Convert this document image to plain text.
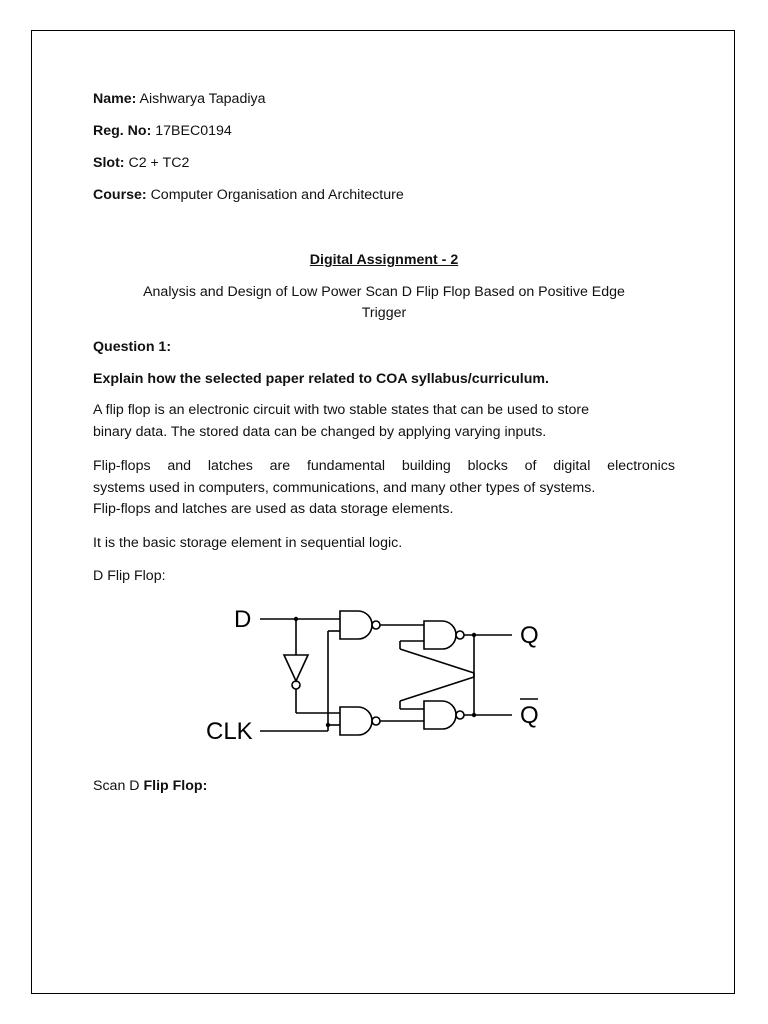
Name: Aishwarya Tapadiya
Reg. No: 17BEC0194
Slot: C2 + TC2
Course: Computer Organisation and Architecture
Digital Assignment - 2
Analysis and Design of Low Power Scan D Flip Flop Based on Positive Edge
Trigger
Question 1:
Explain how the selected paper related to COA syllabus/curriculum.
A flip flop is an electronic circuit with two stable states that can be used to store
binary data. The stored data can be changed by applying varying inputs.
Flip-flops and latches are fundamental building blocks of digital electronics
systems used in computers, communications, and many other types of systems.
Flip-flops and latches are used as data storage elements.
It is the basic storage element in sequential logic.
D Flip Flop:
D
CLK
Q
Q
Scan D Flip Flop:
